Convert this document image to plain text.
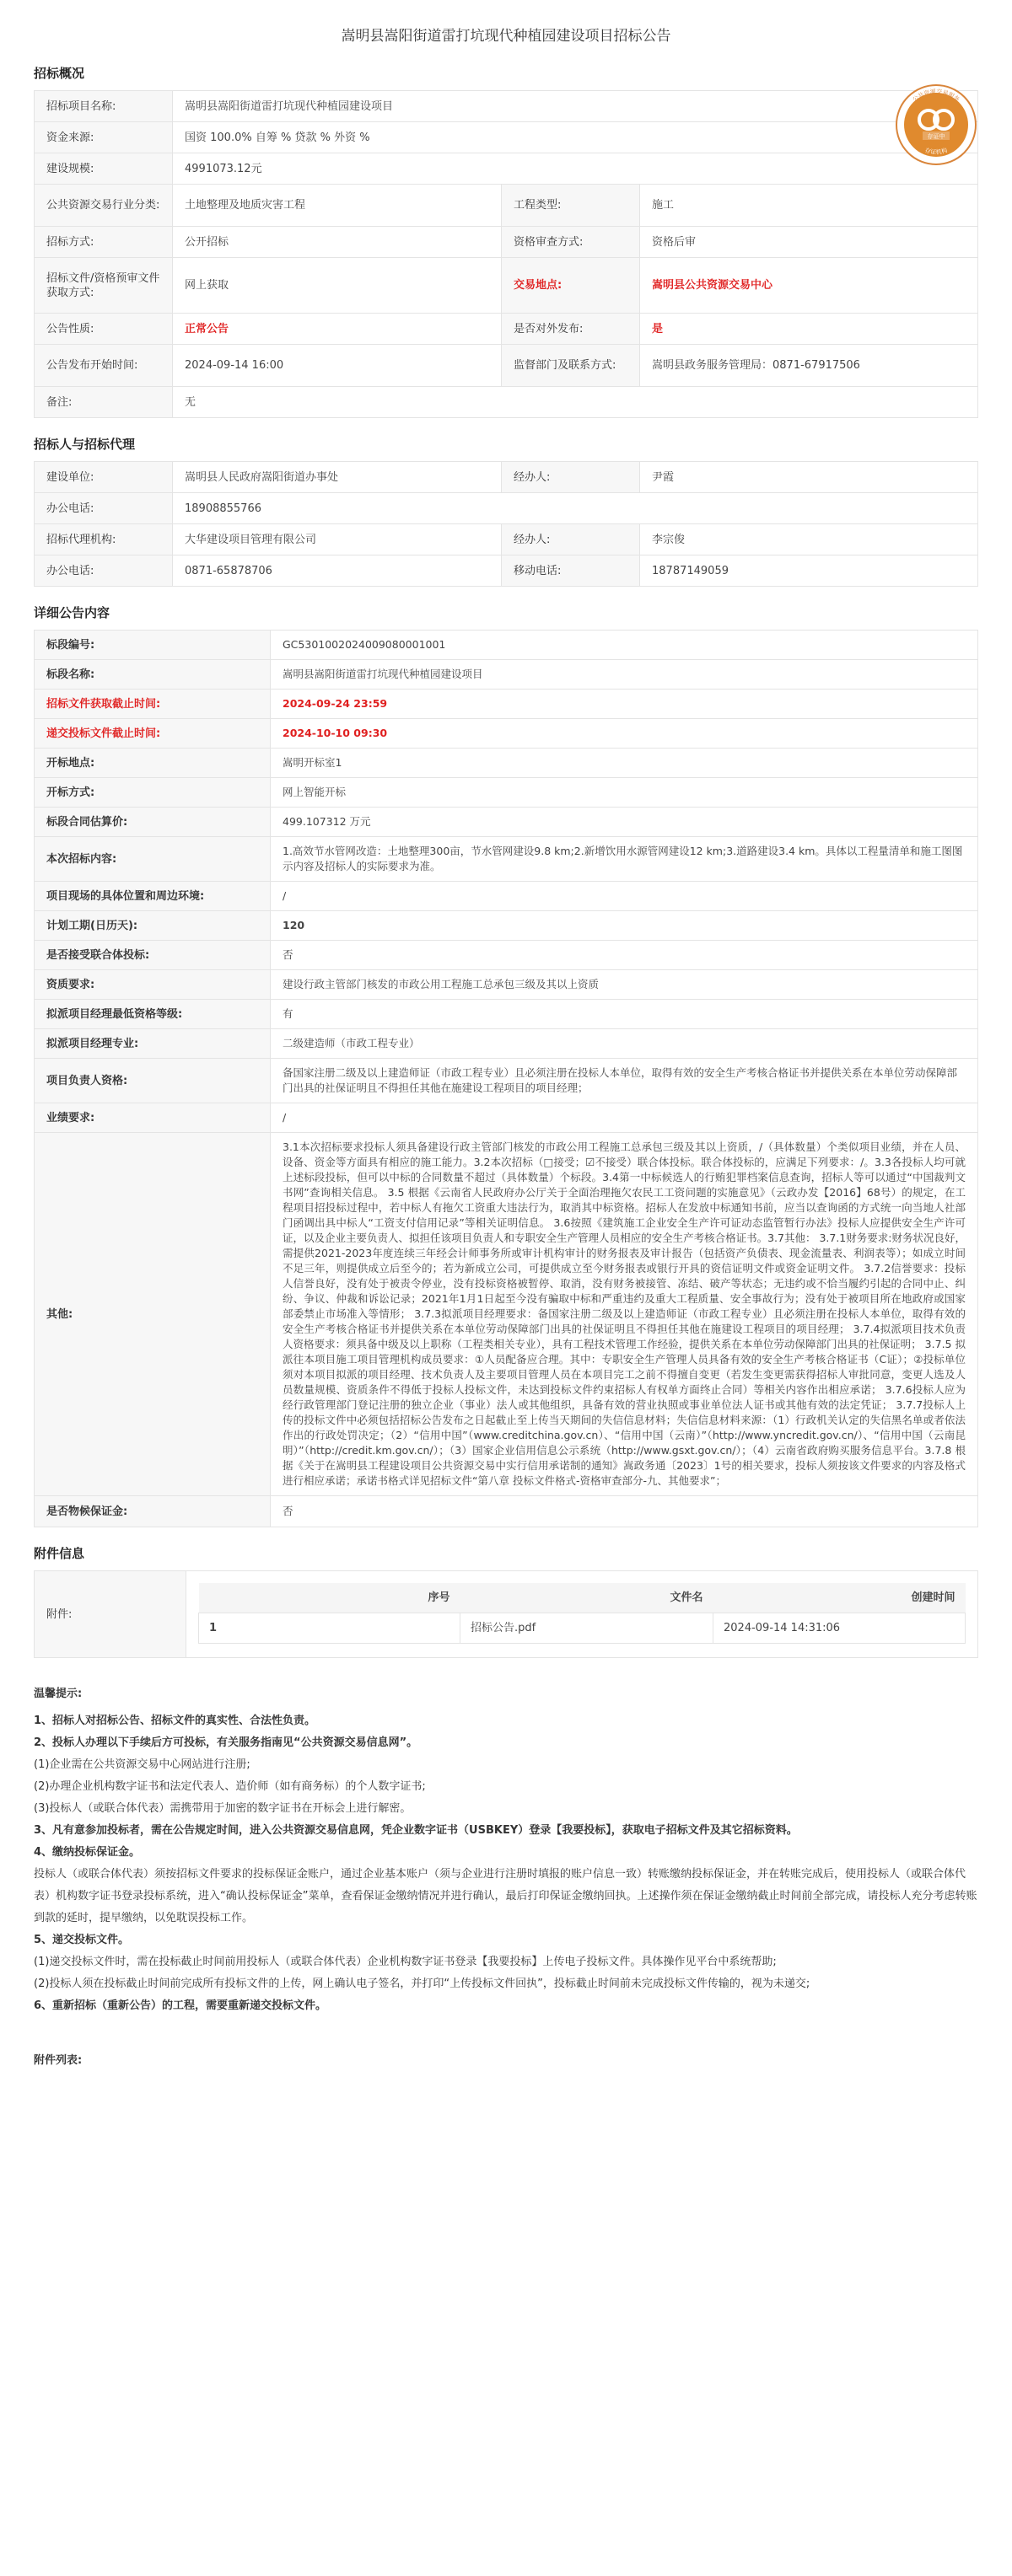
嵩明县嵩阳街道雷打坑现代种植园建设项目招标公告
公共资源交易服务
存证中
存证机构
招标概况
招标项目名称:	嵩明县嵩阳街道雷打坑现代种植园建设项目		
资金来源:	国资 100.0% 自筹 % 贷款 % 外资 %		
建设规模:	4991073.12元		
公共资源交易行业分类:	土地整理及地质灾害工程	工程类型:	施工
招标方式:	公开招标	资格审查方式:	资格后审
招标文件/资格预审文件获取方式:	网上获取	交易地点:	嵩明县公共资源交易中心
公告性质:	正常公告	是否对外发布:	是
公告发布开始时间:	2024-09-14 16:00	监督部门及联系方式:	嵩明县政务服务管理局：0871-67917506
备注:	无		
招标人与招标代理
建设单位:	嵩明县人民政府嵩阳街道办事处	经办人:	尹霞
办公电话:	18908855766		
招标代理机构:	大华建设项目管理有限公司	经办人:	李宗俊
办公电话:	0871-65878706	移动电话:	18787149059
详细公告内容
标段编号:	GC5301002024009080001001
标段名称:	嵩明县嵩阳街道雷打坑现代种植园建设项目
招标文件获取截止时间:	2024-09-24 23:59
递交投标文件截止时间:	2024-10-10 09:30
开标地点:	嵩明开标室1
开标方式:	网上智能开标
标段合同估算价:	499.107312 万元
本次招标内容:	1.高效节水管网改造：土地整理300亩，节水管网建设9.8 km;2.新增饮用水源管网建设12 km;3.道路建设3.4 km。具体以工程量清单和施工图图示内容及招标人的实际要求为准。
项目现场的具体位置和周边环境:	/
计划工期(日历天):	120
是否接受联合体投标:	否
资质要求:	建设行政主管部门核发的市政公用工程施工总承包三级及其以上资质
拟派项目经理最低资格等级:	有
拟派项目经理专业:	二级建造师（市政工程专业）
项目负责人资格:	备国家注册二级及以上建造师证（市政工程专业）且必须注册在投标人本单位，取得有效的安全生产考核合格证书并提供关系在本单位劳动保障部门出具的社保证明且不得担任其他在施建设工程项目的项目经理；
业绩要求:	/
其他:	3.1本次招标要求投标人须具备建设行政主管部门核发的市政公用工程施工总承包三级及其以上资质，/（具体数量）个类似项目业绩，并在人员、设备、资金等方面具有相应的施工能力。3.2本次招标（□接受；☑不接受）联合体投标。联合体投标的，应满足下列要求：/。3.3各投标人均可就上述标段投标，但可以中标的合同数量不超过（具体数量）个标段。3.4第一中标候选人的行贿犯罪档案信息查询，招标人等可以通过“中国裁判文书网”查询相关信息。 3.5 根据《云南省人民政府办公厅关于全面治理拖欠农民工工资问题的实施意见》（云政办发【2016】68号）的规定，在工程项目招投标过程中，若中标人有拖欠工资重大违法行为，取消其中标资格。招标人在发放中标通知书前，应当以查询函的方式统一向当地人社部门函调出具中标人“工资支付信用记录”等相关证明信息。 3.6按照《建筑施工企业安全生产许可证动态监管暂行办法》投标人应提供安全生产许可证，以及企业主要负责人、拟担任该项目负责人和专职安全生产管理人员相应的安全生产考核合格证书。3.7其他： 3.7.1财务要求:财务状况良好，需提供2021-2023年度连续三年经会计师事务所或审计机构审计的财务报表及审计报告（包括资产负债表、现金流量表、利润表等）；如成立时间不足三年，则提供成立后至今的；若为新成立公司，可提供成立至今财务报表或银行开具的资信证明文件或资金证明文件。 3.7.2信誉要求：投标人信誉良好，没有处于被责令停业，没有投标资格被暂停、取消，没有财务被接管、冻结、破产等状态；无违约或不恰当履约引起的合同中止、纠纷、争议、仲裁和诉讼记录；2021年1月1日起至今没有骗取中标和严重违约及重大工程质量、安全事故行为；没有处于被项目所在地政府或国家部委禁止市场准入等情形； 3.7.3拟派项目经理要求：备国家注册二级及以上建造师证（市政工程专业）且必须注册在投标人本单位，取得有效的安全生产考核合格证书并提供关系在本单位劳动保障部门出具的社保证明且不得担任其他在施建设工程项目的项目经理； 3.7.4拟派项目技术负责人资格要求：须具备中级及以上职称（工程类相关专业），具有工程技术管理工作经验，提供关系在本单位劳动保障部门出具的社保证明； 3.7.5 拟派往本项目施工项目管理机构成员要求：①人员配备应合理。其中：专职安全生产管理人员具备有效的安全生产考核合格证书（C证）；②投标单位须对本项目拟派的项目经理、技术负责人及主要项目管理人员在本项目完工之前不得擅自变更（若发生变更需获得招标人审批同意，变更人选及人员数量规模、资质条件不得低于投标人投标文件，未达到投标文件约束招标人有权单方面终止合同）等相关内容作出相应承诺； 3.7.6投标人应为经行政管理部门登记注册的独立企业（事业）法人或其他组织，具备有效的营业执照或事业单位法人证书或其他有效的法定凭证； 3.7.7投标人上传的投标文件中必须包括招标公告发布之日起截止至上传当天期间的失信信息材料；失信信息材料来源：（1）行政机关认定的失信黑名单或者依法作出的行政处罚决定；（2）“信用中国”（www.creditchina.gov.cn）、“信用中国（云南）”（http://www.yncredit.gov.cn/）、“信用中国（云南昆明）”（http://credit.km.gov.cn/）；（3）国家企业信用信息公示系统（http://www.gsxt.gov.cn/）；（4）云南省政府购买服务信息平台。3.7.8 根据《关于在嵩明县工程建设项目公共资源交易中实行信用承诺制的通知》嵩政务通〔2023〕1号的相关要求，投标人须按该文件要求的内容及格式进行相应承诺；承诺书格式详见招标文件“第八章 投标文件格式-资格审查部分-九、其他要求”；
是否物候保证金:	否
附件信息
附件:	
序号	文件名	创建时间
1	招标公告.pdf	2024-09-14 14:31:06
温馨提示:

1、招标人对招标公告、招标文件的真实性、合法性负责。

2、投标人办理以下手续后方可投标，有关服务指南见“公共资源交易信息网”。

(1)企业需在公共资源交易中心网站进行注册;

(2)办理企业机构数字证书和法定代表人、造价师（如有商务标）的个人数字证书;

(3)投标人（或联合体代表）需携带用于加密的数字证书在开标会上进行解密。

3、凡有意参加投标者，需在公告规定时间，进入公共资源交易信息网，凭企业数字证书（USBKEY）登录【我要投标】，获取电子招标文件及其它招标资料。

4、缴纳投标保证金。

投标人（或联合体代表）须按招标文件要求的投标保证金账户，通过企业基本账户（须与企业进行注册时填报的账户信息一致）转账缴纳投标保证金，并在转账完成后，使用投标人（或联合体代表）机构数字证书登录投标系统，进入“确认投标保证金”菜单，查看保证金缴纳情况并进行确认，最后打印保证金缴纳回执。上述操作须在保证金缴纳截止时间前全部完成，请投标人充分考虑转账到款的延时，提早缴纳，以免耽误投标工作。

5、递交投标文件。

(1)递交投标文件时，需在投标截止时间前用投标人（或联合体代表）企业机构数字证书登录【我要投标】上传电子投标文件。具体操作见平台中系统帮助;

(2)投标人须在投标截止时间前完成所有投标文件的上传，网上确认电子签名，并打印“上传投标文件回执”，投标截止时间前未完成投标文件传输的，视为未递交;

6、重新招标（重新公告）的工程，需要重新递交投标文件。

附件列表:
